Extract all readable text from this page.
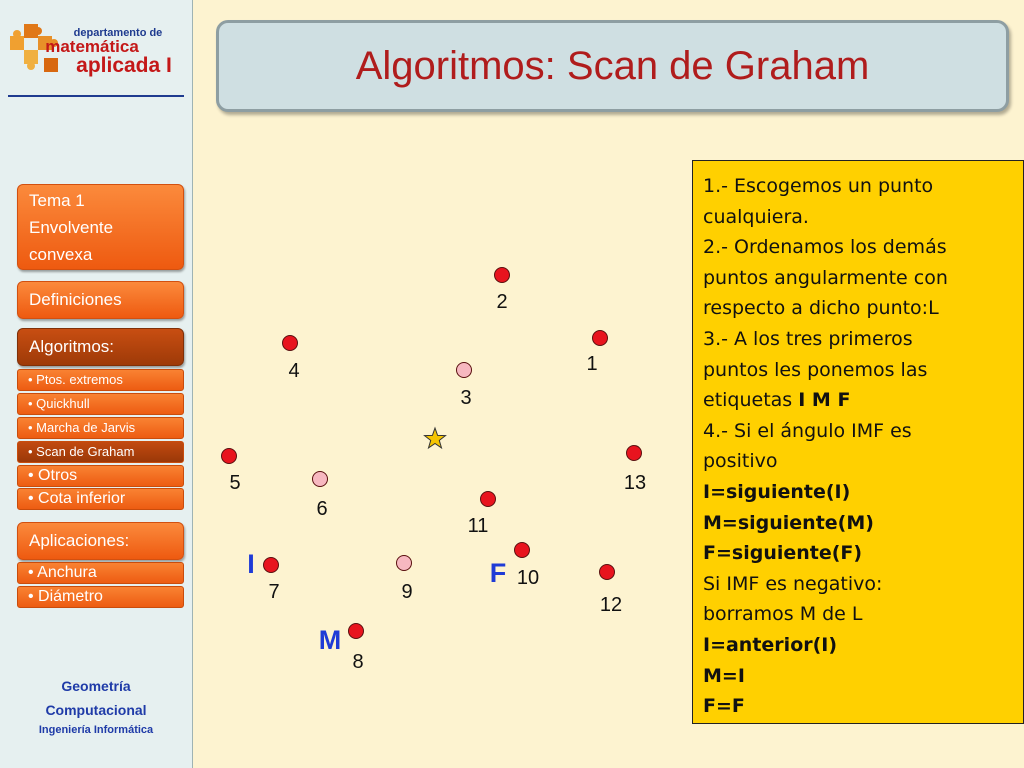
departamento de
matemática
aplicada I
Tema 1
Envolvente
convexa
Definiciones
Algoritmos:
• Ptos. extremos
• Quickhull
• Marcha de Jarvis
• Scan de Graham
• Otros
• Cota inferior
Aplicaciones:
• Anchura
• Diámetro
Geometría
Computacional
Ingeniería Informática
Algoritmos: Scan de Graham
1
2
3
4
5
6
7
I
8
M
9
10
F
11
12
13
1.- Escogemos un punto
cualquiera.
2.- Ordenamos los demás
puntos angularmente con
respecto a dicho punto:L
3.- A los tres primeros
puntos les ponemos las
etiquetas I M F
4.- Si el ángulo IMF es
positivo
I=siguiente(I)
M=siguiente(M)
F=siguiente(F)
Si IMF es negativo:
borramos M de L
I=anterior(I)
M=I
F=F
